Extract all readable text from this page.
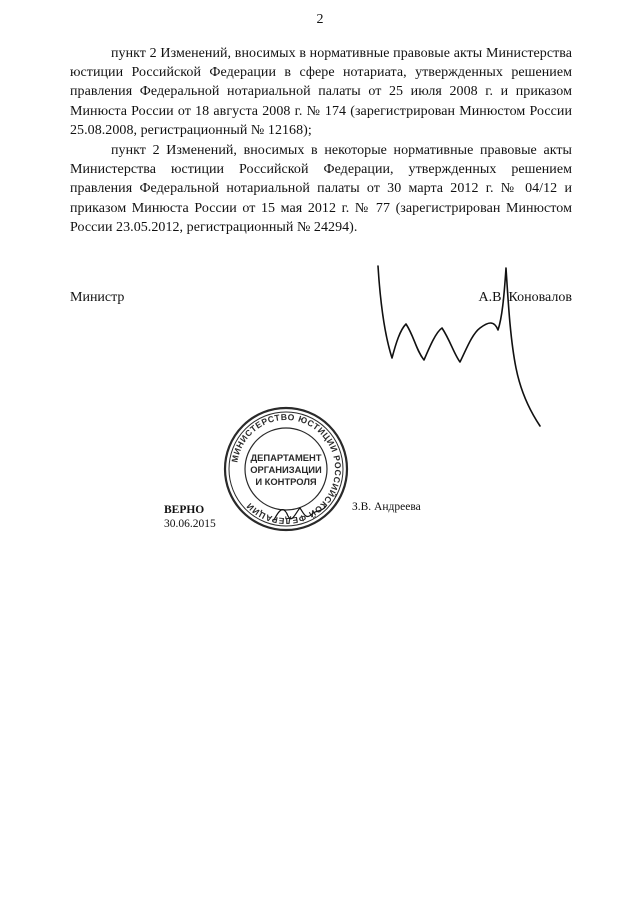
2

пункт 2 Изменений, вносимых в нормативные правовые акты Министерства юстиции Российской Федерации в сфере нотариата, утвержденных решением правления Федеральной нотариальной палаты от 25 июля 2008 г. и приказом Минюста России от 18 августа 2008 г. № 174 (зарегистрирован Минюстом России 25.08.2008, регистрационный № 12168);

пункт 2 Изменений, вносимых в некоторые нормативные правовые акты Министерства юстиции Российской Федерации, утвержденных решением правления Федеральной нотариальной палаты от 30 марта 2012 г. № 04/12 и приказом Минюста России от 15 мая 2012 г. № 77 (зарегистрирован Минюстом России 23.05.2012, регистрационный № 24294).

Министр	А.В. Коновалов
МИНИСТЕРСТВО ЮСТИЦИИ РОССИЙСКОЙ ФЕДЕРАЦИИ
ДЕПАРТАМЕНТ
ОРГАНИЗАЦИИ
И КОНТРОЛЯ
ВЕРНО
30.06.2015
З.В. Андреева
